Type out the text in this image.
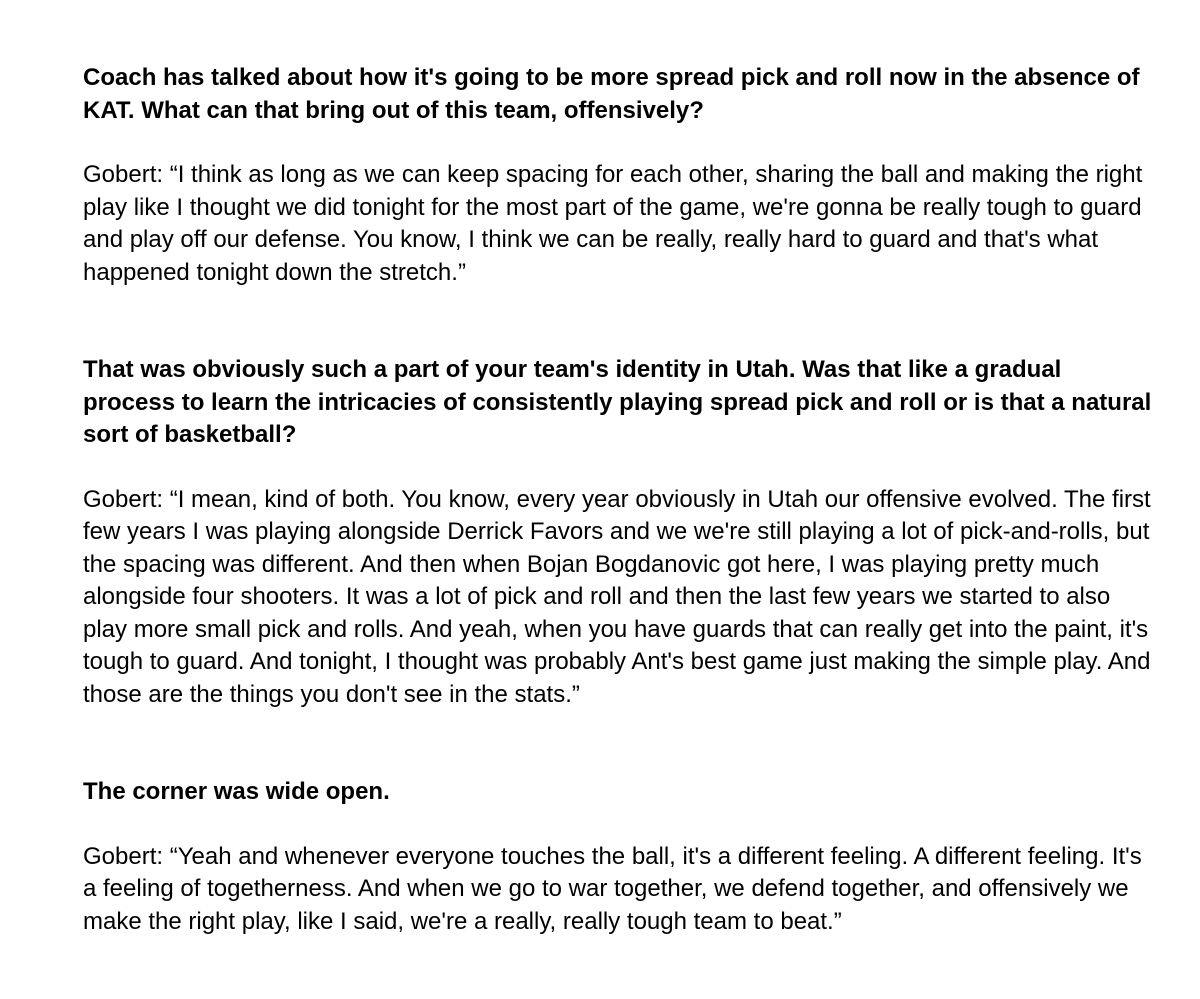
Coach has talked about how it's going to be more spread pick and roll now in the absence of KAT. What can that bring out of this team, offensively?

Gobert: “I think as long as we can keep spacing for each other, sharing the ball and making the right play like I thought we did tonight for the most part of the game, we're gonna be really tough to guard and play off our defense. You know, I think we can be really, really hard to guard and that's what happened tonight down the stretch.”

That was obviously such a part of your team's identity in Utah. Was that like a gradual process to learn the intricacies of consistently playing spread pick and roll or is that a natural sort of basketball?

Gobert: “I mean, kind of both. You know, every year obviously in Utah our offensive evolved. The first few years I was playing alongside Derrick Favors and we we're still playing a lot of pick-and-rolls, but the spacing was different. And then when Bojan Bogdanovic got here, I was playing pretty much alongside four shooters. It was a lot of pick and roll and then the last few years we started to also play more small pick and rolls. And yeah, when you have guards that can really get into the paint, it's tough to guard. And tonight, I thought was probably Ant's best game just making the simple play. And those are the things you don't see in the stats.”

The corner was wide open.

Gobert: “Yeah and whenever everyone touches the ball, it's a different feeling. A different feeling. It's a feeling of togetherness. And when we go to war together, we defend together, and offensively we make the right play, like I said, we're a really, really tough team to beat.”
